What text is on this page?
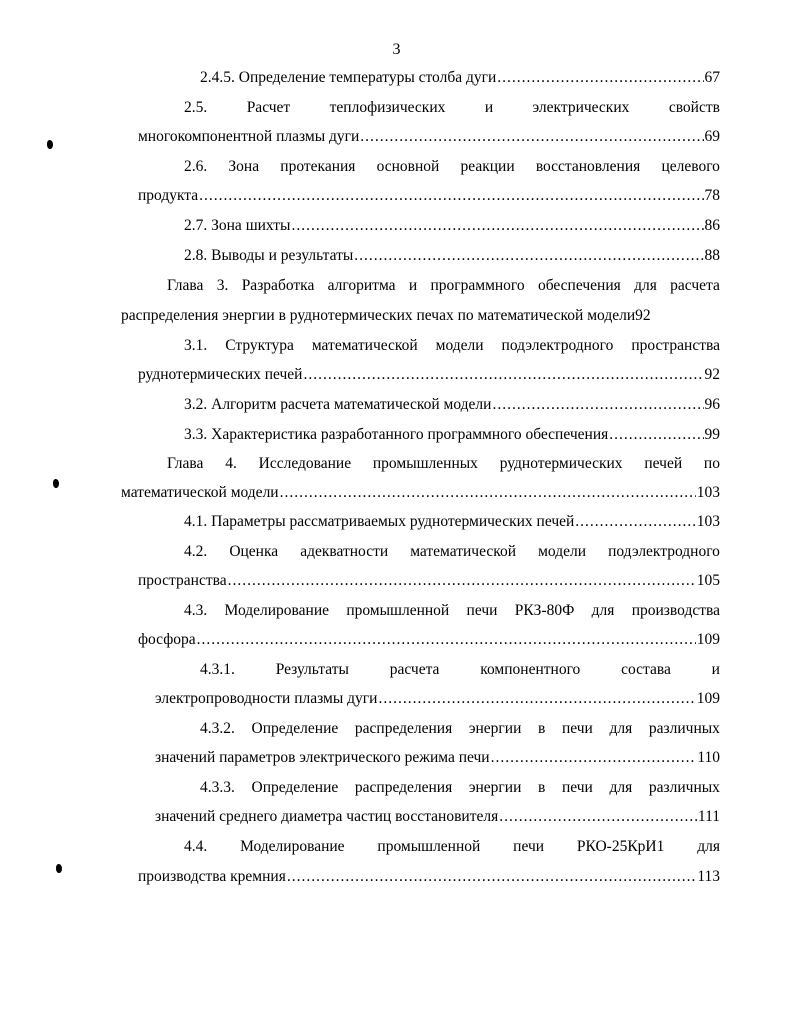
3
2.4.5. Определение температуры столба дуги .....	67
2.5.	Расчет	теплофизических	и	электрических	свойств
многокомпонентной плазмы дуги .....	69
2.6. Зона протекания основной реакции восстановления целевого
продукта .....	78
2.7. Зона шихты .....	86
2.8. Выводы и результаты .....	88
Глава 3. Разработка алгоритма и программного обеспечения для расчета
распределения энергии в руднотермических печах по математической модели92
3.1. Структура математической модели подэлектродного пространства
руднотермических печей .....	92
3.2. Алгоритм расчета математической модели .....	96
3.3. Характеристика разработанного программного обеспечения .....	99
Глава 4. Исследование промышленных руднотермических печей по
математической модели .....	103
4.1. Параметры рассматриваемых руднотермических печей .....	103
4.2. Оценка адекватности математической модели подэлектродного
пространства .....	105
4.3. Моделирование промышленной печи РКЗ-80Ф для производства
фосфора .....	109
4.3.1.	Результаты	расчета	компонентного	состава	и
электропроводности плазмы дуги .....	109
4.3.2. Определение распределения энергии в печи для различных
значений параметров электрического режима печи .....	110
4.3.3. Определение распределения энергии в печи для различных
значений среднего диаметра частиц восстановителя .....	111
4.4. Моделирование промышленной печи РКО-25КрИ1 для
производства кремния .....	113
